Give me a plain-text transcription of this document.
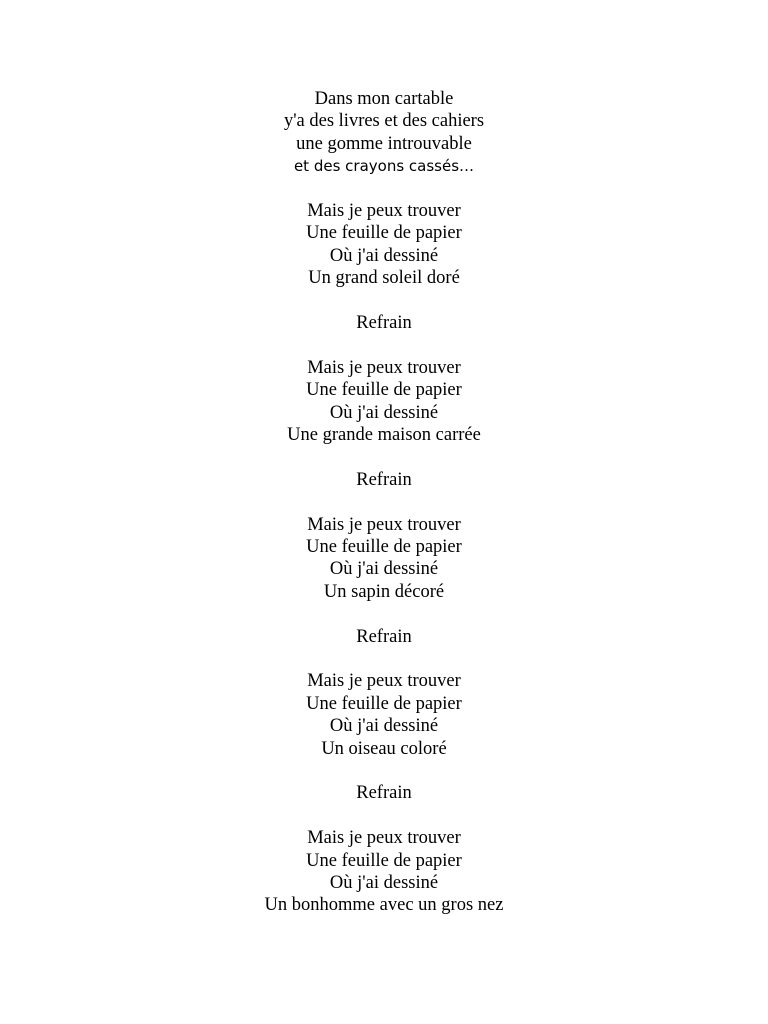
Dans mon cartable
y'a des livres et des cahiers
une gomme introuvable
et des crayons cassés…
Mais je peux trouver
Une feuille de papier
Où j'ai dessiné
Un grand soleil doré
Refrain
Mais je peux trouver
Une feuille de papier
Où j'ai dessiné
Une grande maison carrée
Refrain
Mais je peux trouver
Une feuille de papier
Où j'ai dessiné
Un sapin décoré
Refrain
Mais je peux trouver
Une feuille de papier
Où j'ai dessiné
Un oiseau coloré
Refrain
Mais je peux trouver
Une feuille de papier
Où j'ai dessiné
Un bonhomme avec un gros nez
